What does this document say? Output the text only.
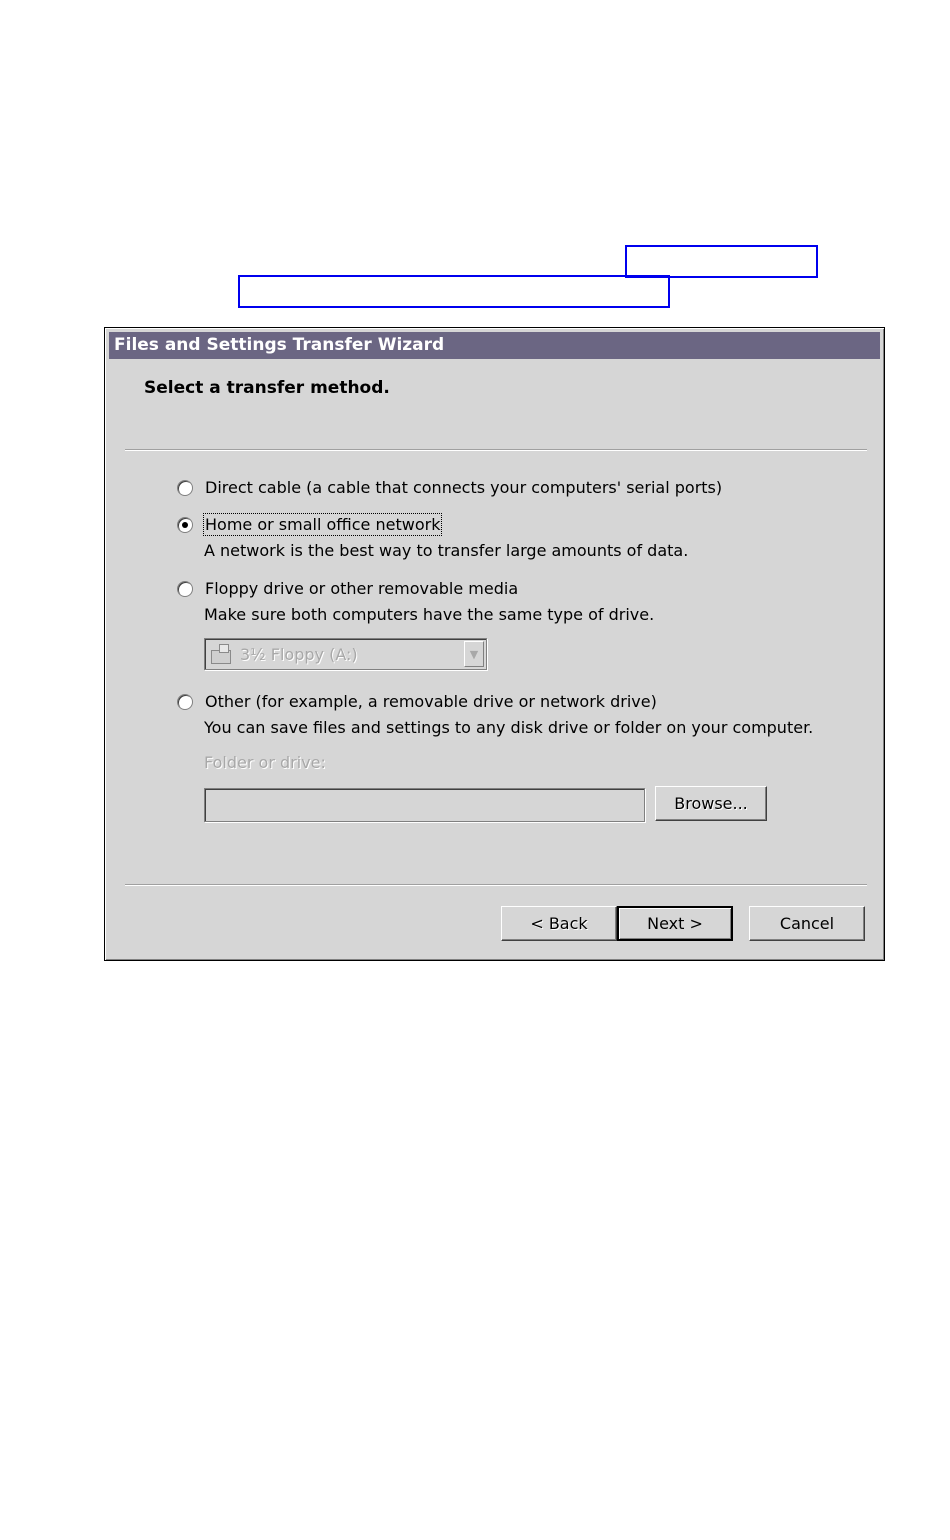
Files and Settings Transfer Wizard
Select a transfer method.
Direct cable (a cable that connects your computers' serial ports)
Home or small office network
A network is the best way to transfer large amounts of data.
Floppy drive or other removable media
Make sure both computers have the same type of drive.
3½ Floppy (A:)	▼
Other (for example, a removable drive or network drive)
You can save files and settings to any disk drive or folder on your computer.
Folder or drive:
Browse...
< Back	Next >	Cancel
